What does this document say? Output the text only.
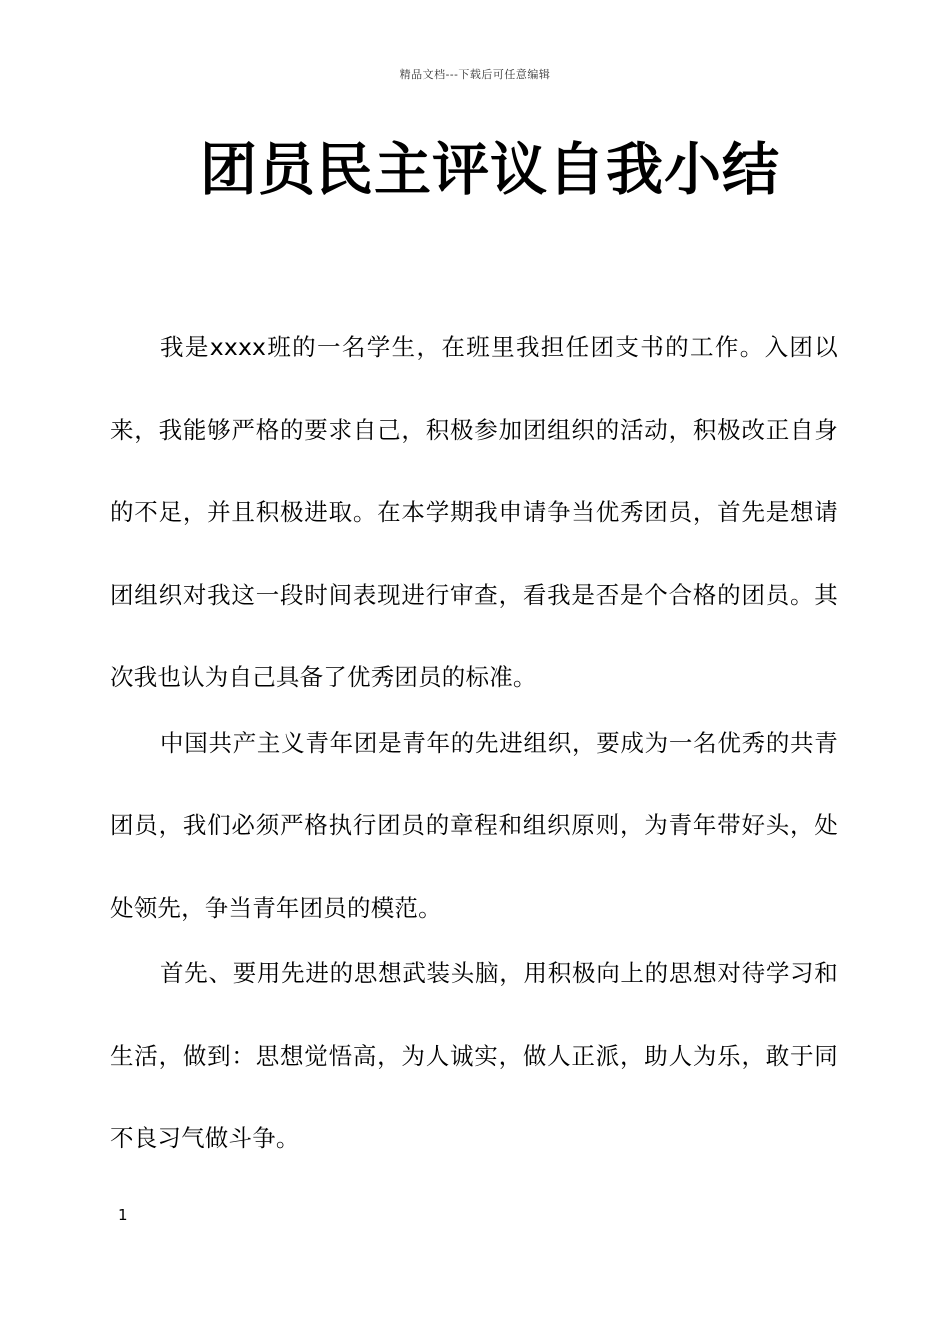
精品文档---下载后可任意编辑
团员民主评议自我小结

我是xxxx班的一名学生，在班里我担任团支书的工作。入团以来，我能够严格的要求自己，积极参加团组织的活动，积极改正自身的不足，并且积极进取。在本学期我申请争当优秀团员，首先是想请团组织对我这一段时间表现进行审查，看我是否是个合格的团员。其次我也认为自己具备了优秀团员的标准。

中国共产主义青年团是青年的先进组织，要成为一名优秀的共青团员，我们必须严格执行团员的章程和组织原则，为青年带好头，处处领先，争当青年团员的模范。

首先、要用先进的思想武装头脑，用积极向上的思想对待学习和生活，做到：思想觉悟高，为人诚实，做人正派，助人为乐，敢于同不良习气做斗争。

1
